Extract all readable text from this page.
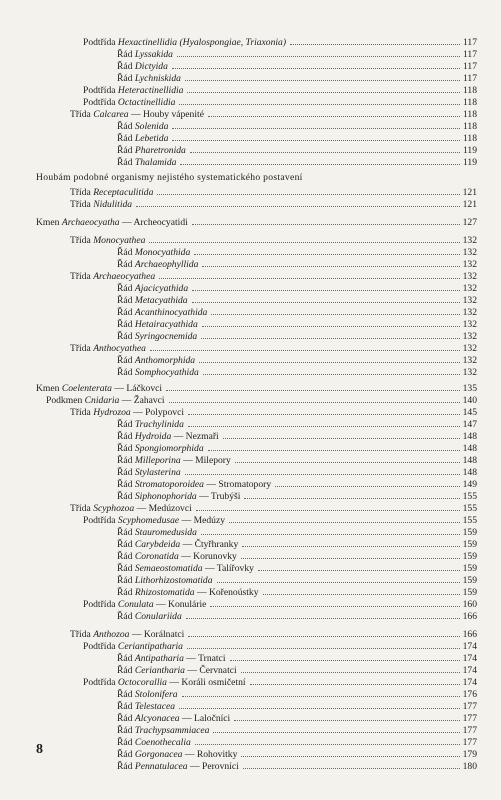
Podtřída Hexactinellidia (Hyalospongiae, Triaxonia)	117
Řád Lyssakida	117
Řád Dictyida	117
Řád Lychniskida	117
Podtřída Heteractinellidia	118
Podtřída Octactinellidia	118
Třída Calcarea — Houby vápenité	118
Řád Solenida	118
Řád Lebetida	118
Řád Pharetronida	119
Řád Thalamida	119
Houbám podobné organismy nejistého systematického postavení
Třída Receptaculitida	121
Třída Nidulitida	121
Kmen Archaeocyatha — Archeocyatidi	127
Třída Monocyathea	132
Řád Monocyathida	132
Řád Archaeophyllida	132
Třída Archaeocyathea	132
Řád Ajacicyathida	132
Řád Metacyathida	132
Řád Acanthinocyathida	132
Řád Hetairacyathida	132
Řád Syringocnemida	132
Třída Anthocyathea	132
Řád Anthomorphida	132
Řád Somphocyathida	132
Kmen Coelenterata — Láčkovci	135
Podkmen Cnidaria — Žahavci	140
Třída Hydrozoa — Polypovci	145
Řád Trachylinida	147
Řád Hydroida — Nezmaři	148
Řád Spongiomorphida	148
Řád Milleporina — Milepory	148
Řád Stylasterina	148
Řád Stromatoporoidea — Stromatopory	149
Řád Siphonophorida — Trubýši	155
Třída Scyphozoa — Medúzovci	155
Podtřída Scyphomedusae — Medúzy	155
Řád Stauromedusida	159
Řád Carybdeida — Čtyřhranky	159
Řád Coronatida — Korunovky	159
Řád Semaeostomatida — Talířovky	159
Řád Lithorhizostomatida	159
Řád Rhizostomatida — Kořenoústky	159
Podtřída Conulata — Konulárie	160
Řád Conulariida	166
Třída Anthozoa — Korálnatci	166
Podtřída Ceriantipatharia	174
Řád Antipatharia — Trnatci	174
Řád Ceriantharia — Červnatci	174
Podtřída Octocorallia — Koráli osmičetní	174
Řád Stolonifera	176
Řád Telestacea	177
Řád Alcyonacea — Laločníci	177
Řád Trachypsammiacea	177
Řád Coenothecalia	177
Řád Gorgonacea — Rohovitky	179
Řád Pennatulacea — Perovníci	180
8
